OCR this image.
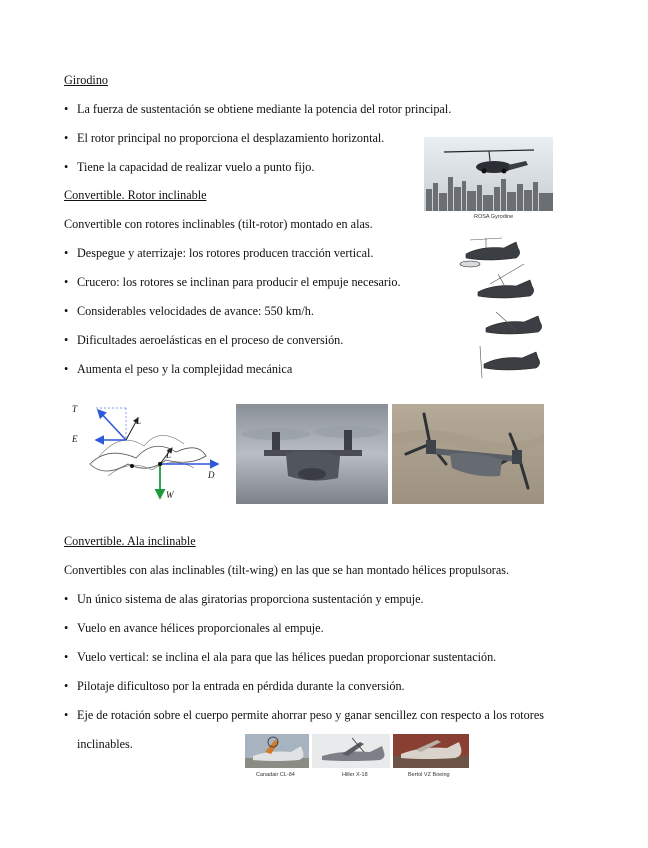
Girodino
• La fuerza de sustentación se obtiene mediante la potencia del rotor principal.
• El rotor principal no proporciona el desplazamiento horizontal.
• Tiene la capacidad de realizar vuelo a punto fijo.
ROSA Gyrodine
Convertible. Rotor inclinable
Convertible con rotores inclinables (tilt-rotor) montado en alas.
• Despegue y aterrizaje: los rotores producen tracción vertical.
• Crucero: los rotores se inclinan para producir el empuje necesario.
• Considerables velocidades de avance: 550 km/h.
• Dificultades aeroelásticas en el proceso de conversión.
• Aumenta el peso y la complejidad mecánica
T
L
E
L
D
W
Convertible. Ala inclinable
Convertibles con alas inclinables (tilt-wing) en las que se han montado hélices propulsoras.
• Un único sistema de alas giratorias proporciona sustentación y empuje.
• Vuelo en avance hélices proporcionales al empuje.
• Vuelo vertical: se inclina el ala para que las hélices puedan proporcionar sustentación.
• Pilotaje dificultoso por la entrada en pérdida durante la conversión.
• Eje de rotación sobre el cuerpo permite ahorrar peso y ganar sencillez con respecto a los rotores
inclinables.
Canadair CL-84	Hiller X-18	Bertol VZ Boeing
